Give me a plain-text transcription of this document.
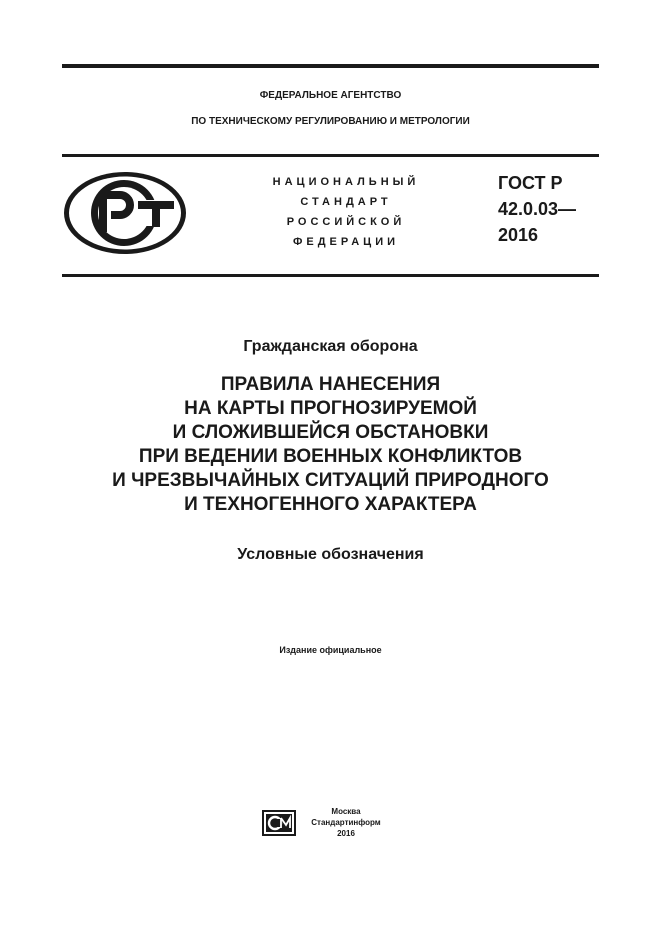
ФЕДЕРАЛЬНОЕ АГЕНТСТВО
ПО ТЕХНИЧЕСКОМУ РЕГУЛИРОВАНИЮ И МЕТРОЛОГИИ
НАЦИОНАЛЬНЫЙ
СТАНДАРТ
РОССИЙСКОЙ
ФЕДЕРАЦИИ
ГОСТ Р
42.0.03—
2016
Гражданская оборона
ПРАВИЛА НАНЕСЕНИЯ
НА КАРТЫ ПРОГНОЗИРУЕМОЙ
И СЛОЖИВШЕЙСЯ ОБСТАНОВКИ
ПРИ ВЕДЕНИИ ВОЕННЫХ КОНФЛИКТОВ
И ЧРЕЗВЫЧАЙНЫХ СИТУАЦИЙ ПРИРОДНОГО
И ТЕХНОГЕННОГО ХАРАКТЕРА
Условные обозначения
Издание официальное
Москва
Стандартинформ
2016
